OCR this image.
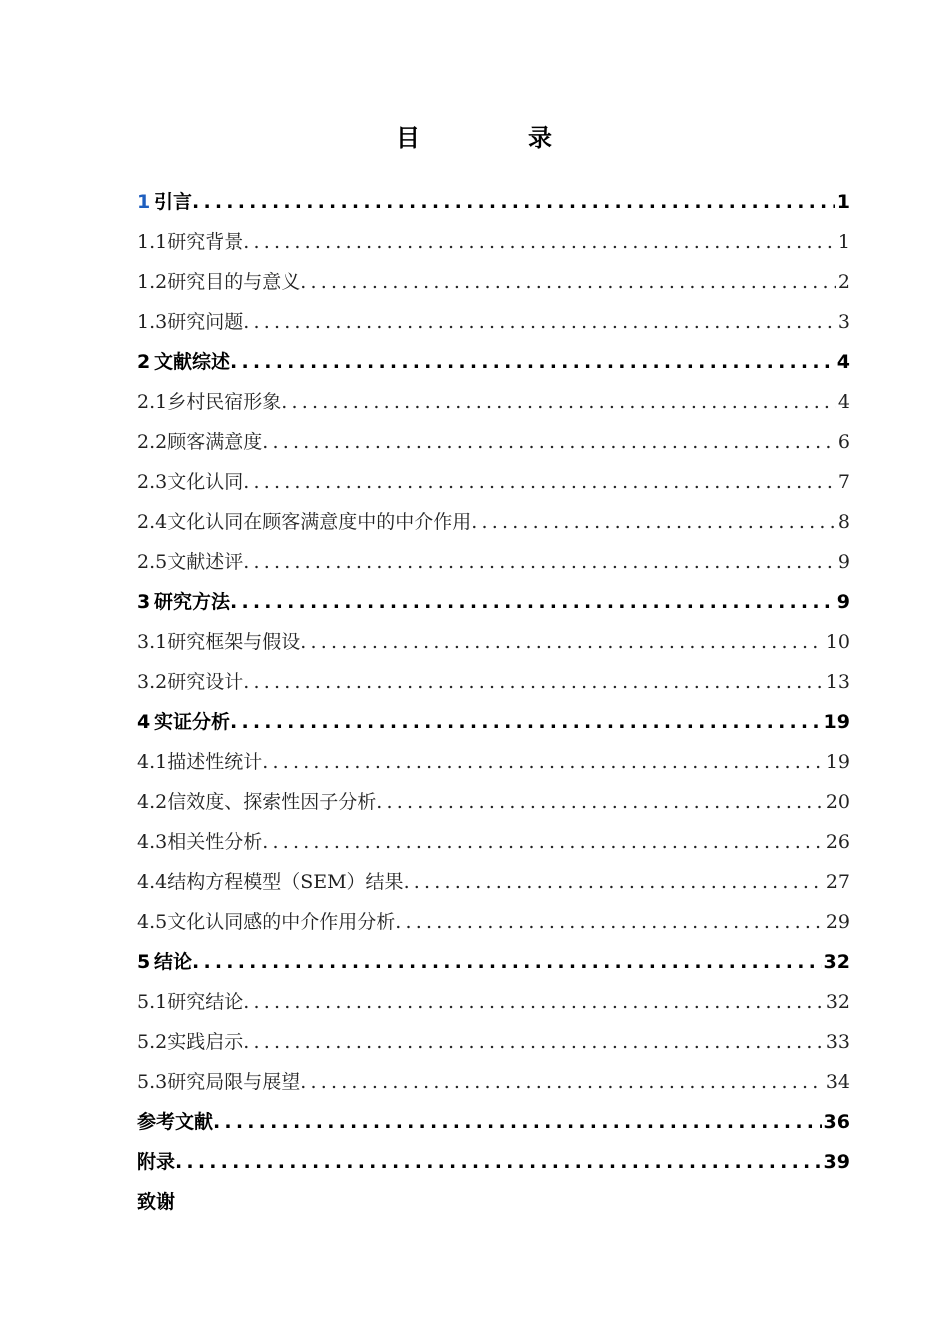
目　录
1  引言 .....	1
1.1研究背景 .....	1
1.2研究目的与意义 .....	2
1.3研究问题 .....	3
2  文献综述 .....	4
2.1乡村民宿形象 .....	4
2.2顾客满意度 .....	6
2.3文化认同 .....	7
2.4文化认同在顾客满意度中的中介作用 .....	8
2.5文献述评 .....	9
3  研究方法 .....	9
3.1研究框架与假设 .....	10
3.2研究设计 .....	13
4  实证分析 .....	19
4.1描述性统计 .....	19
4.2信效度、探索性因子分析 .....	20
4.3相关性分析 .....	26
4.4结构方程模型（SEM）结果 .....	27
4.5文化认同感的中介作用分析 .....	29
5  结论 .....	32
5.1研究结论 .....	32
5.2实践启示 .....	33
5.3研究局限与展望 .....	34
参考文献 .....	36
附录 .....	39
致谢
